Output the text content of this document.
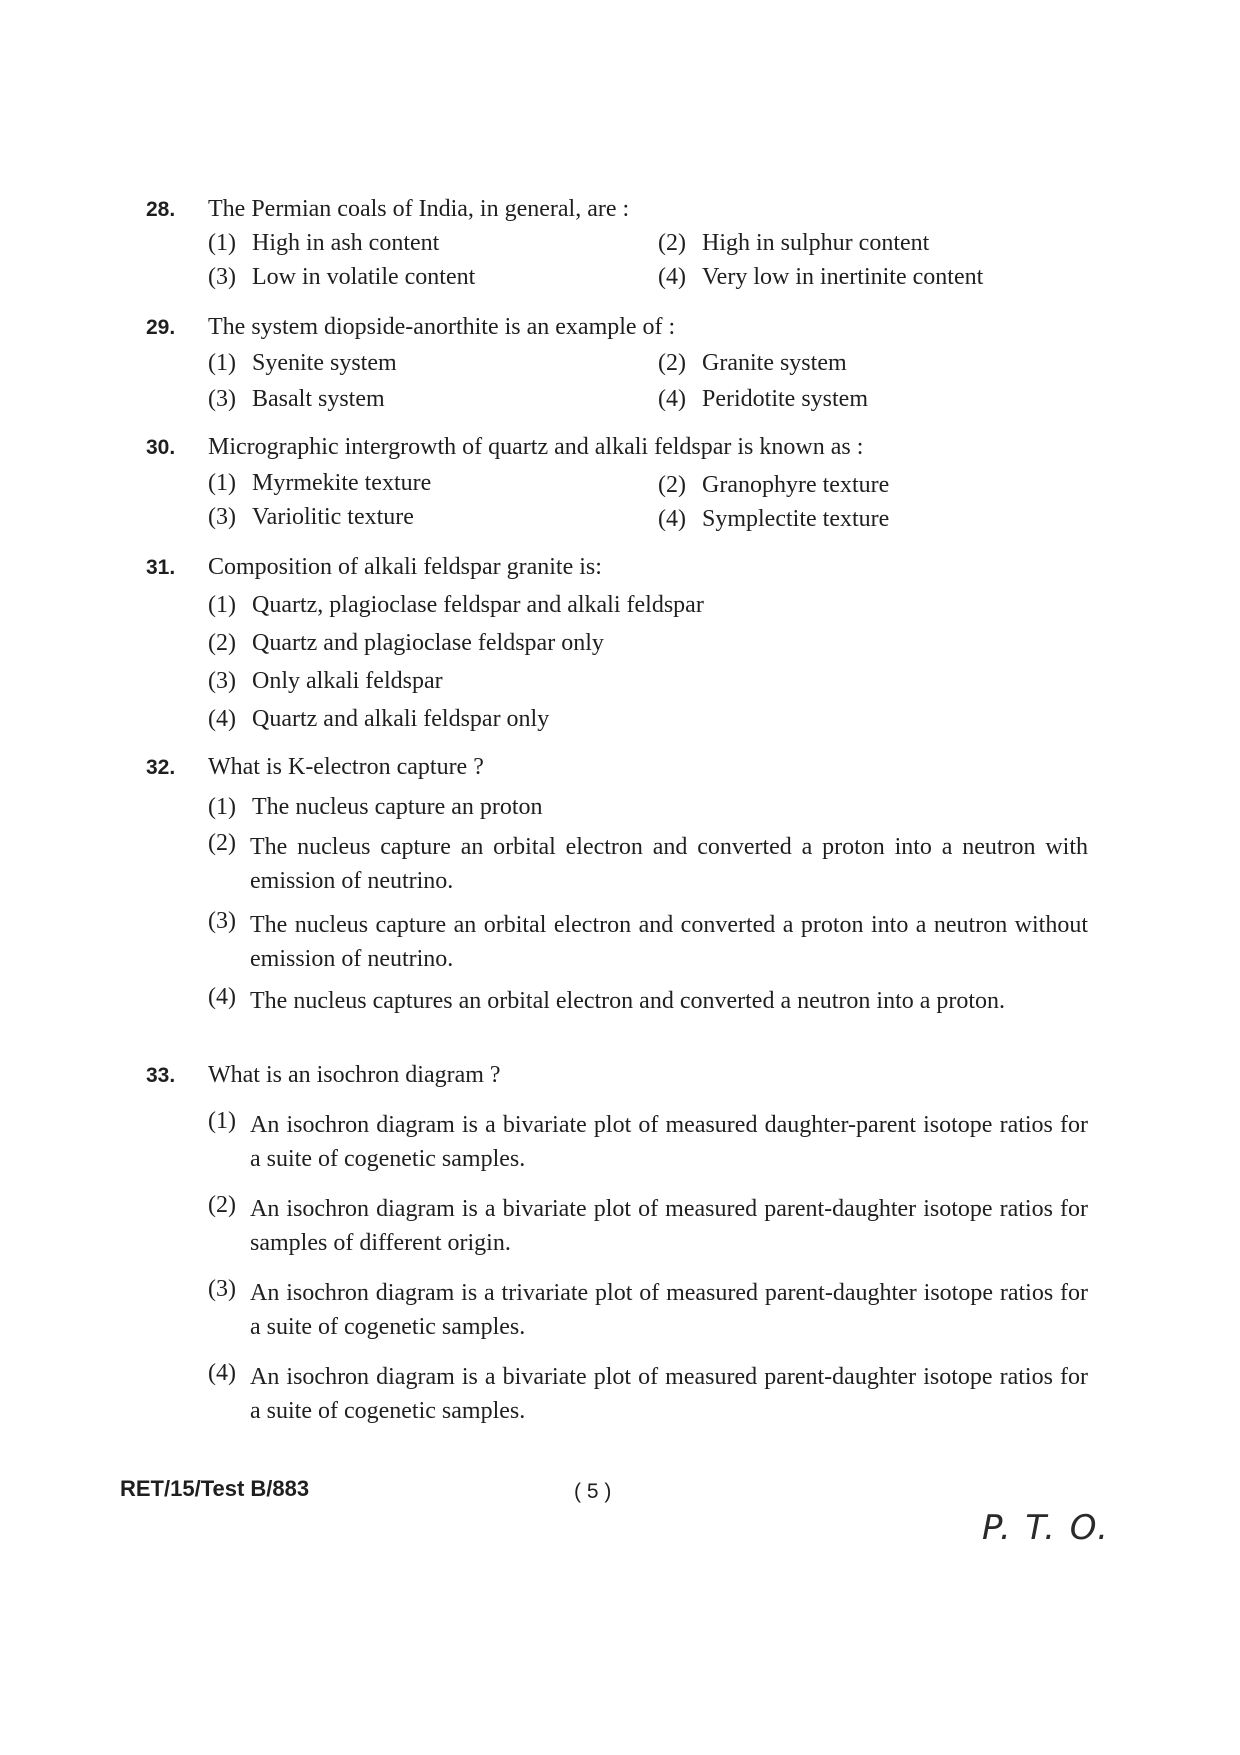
28. The Permian coals of India, in general, are :
(1) High in ash content	(2) High in sulphur content
(3) Low in volatile content	(4) Very low in inertinite content
29. The system diopside-anorthite is an example of :
(1) Syenite system	(2) Granite system
(3) Basalt system	(4) Peridotite system
30. Micrographic intergrowth of quartz and alkali feldspar is known as :
(1) Myrmekite texture	(2) Granophyre texture
(3) Variolitic texture	(4) Symplectite texture
31. Composition of alkali feldspar granite is:
(1) Quartz, plagioclase feldspar and alkali feldspar
(2) Quartz and plagioclase feldspar only
(3) Only alkali feldspar
(4) Quartz and alkali feldspar only
32. What is K-electron capture ?
(1) The nucleus capture an proton
(2) The nucleus capture an orbital electron and converted a proton into a neutron with emission of neutrino.
(3) The nucleus capture an orbital electron and converted a proton into a neutron without emission of neutrino.
(4) The nucleus captures an orbital electron and converted a neutron into a proton.
33. What is an isochron diagram ?
(1) An isochron diagram is a bivariate plot of measured daughter-parent isotope ratios for a suite of cogenetic samples.
(2) An isochron diagram is a bivariate plot of measured parent-daughter isotope ratios for samples of different origin.
(3) An isochron diagram is a trivariate plot of measured parent-daughter isotope ratios for a suite of cogenetic samples.
(4) An isochron diagram is a bivariate plot of measured parent-daughter isotope ratios for a suite of cogenetic samples.
RET/15/Test B/883	( 5 )
P. T. O.
